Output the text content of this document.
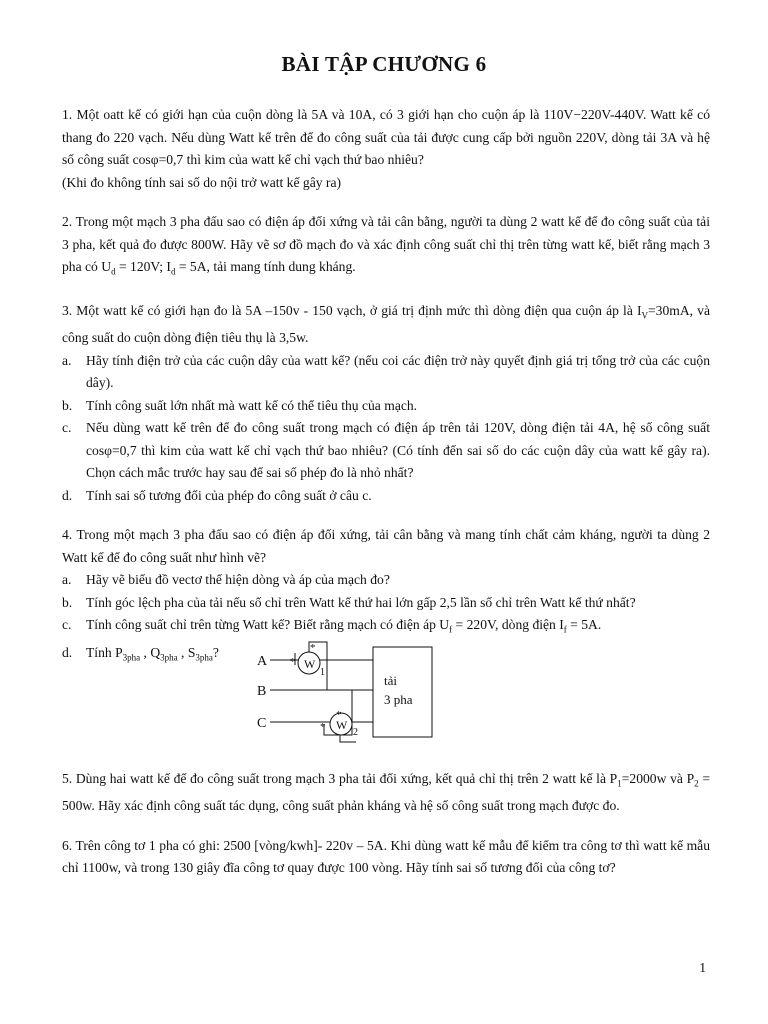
BÀI TẬP CHƯƠNG 6

1. Một oatt kế có giới hạn của cuộn dòng là 5A và 10A, có 3 giới hạn cho cuộn áp là 110V−220V-440V. Watt kế có thang đo 220 vạch. Nếu dùng Watt kế trên để đo công suất của tải được cung cấp bởi nguồn 220V, dòng tải 3A và hệ số công suất cosφ=0,7 thì kim của watt kế chỉ vạch thứ bao nhiêu?

(Khi đo không tính sai số do nội trở watt kế gây ra)

2. Trong một mạch 3 pha đấu sao có điện áp đối xứng và tải cân bằng, người ta dùng 2 watt kế để đo công suất của tải 3 pha, kết quả đo được 800W. Hãy vẽ sơ đồ mạch đo và xác định công suất chỉ thị trên từng watt kế, biết rằng mạch 3 pha có $U_d = 120V$; $I_d = 5A$, tải mang tính dung kháng.

3. Một watt kế có giới hạn đo là 5A –150v - 150 vạch, ở giá trị định mức thì dòng điện qua cuộn áp là $I_V=30mA$, và công suất do cuộn dòng điện tiêu thụ là 3,5w.

a.	Hãy tính điện trở của các cuộn dây của watt kế? (nếu coi các điện trở này quyết định giá trị tổng trở của các cuộn dây).
b.	Tính công suất lớn nhất mà watt kế có thể tiêu thụ của mạch.
c.	Nếu dùng watt kế trên để đo công suất trong mạch có điện áp trên tải 120V, dòng điện tải 4A, hệ số công suất cosφ=0,7 thì kim của watt kế chỉ vạch thứ bao nhiêu? (Có tính đến sai số do các cuộn dây của watt kế gây ra). Chọn cách mắc trước hay sau để sai số phép đo là nhỏ nhất?
d.	Tính sai số tương đối của phép đo công suất ở câu c.

4. Trong một mạch 3 pha đấu sao có điện áp đối xứng, tải cân bằng và mang tính chất cảm kháng, người ta dùng 2 Watt kế để đo công suất như hình vẽ?

a.	Hãy vẽ biểu đồ vectơ thể hiện dòng và áp của mạch đo?
b.	Tính góc lệch pha của tải nếu số chỉ trên Watt kế thứ hai lớn gấp 2,5 lần số chỉ trên Watt kế thứ nhất?
c.	Tính công suất chỉ trên từng Watt kế? Biết rằng mạch có điện áp $U_f = 220V$, dòng điện $I_f = 5A$.
d.	Tính $P_{3pha}$ , $Q_{3pha}$ , $S_{3pha}$?
A
B
C
W
W
*
*
*
*
1
2
tải
3 pha

5. Dùng hai watt kế để đo công suất trong mạch 3 pha tải đối xứng, kết quả chỉ thị trên 2 watt kế là $P_1=2000w$ và $P_2 = 500w$. Hãy xác định công suất tác dụng, công suất phản kháng và hệ số công suất trong mạch được đo.

6. Trên công tơ 1 pha có ghi: 2500 [vòng/kwh]- 220v – 5A. Khi dùng watt kế mẫu để kiểm tra công tơ thì watt kế mẫu chỉ 1100w, và trong 130 giây đĩa công tơ quay được 100 vòng. Hãy tính sai số tương đối của công tơ?

1
